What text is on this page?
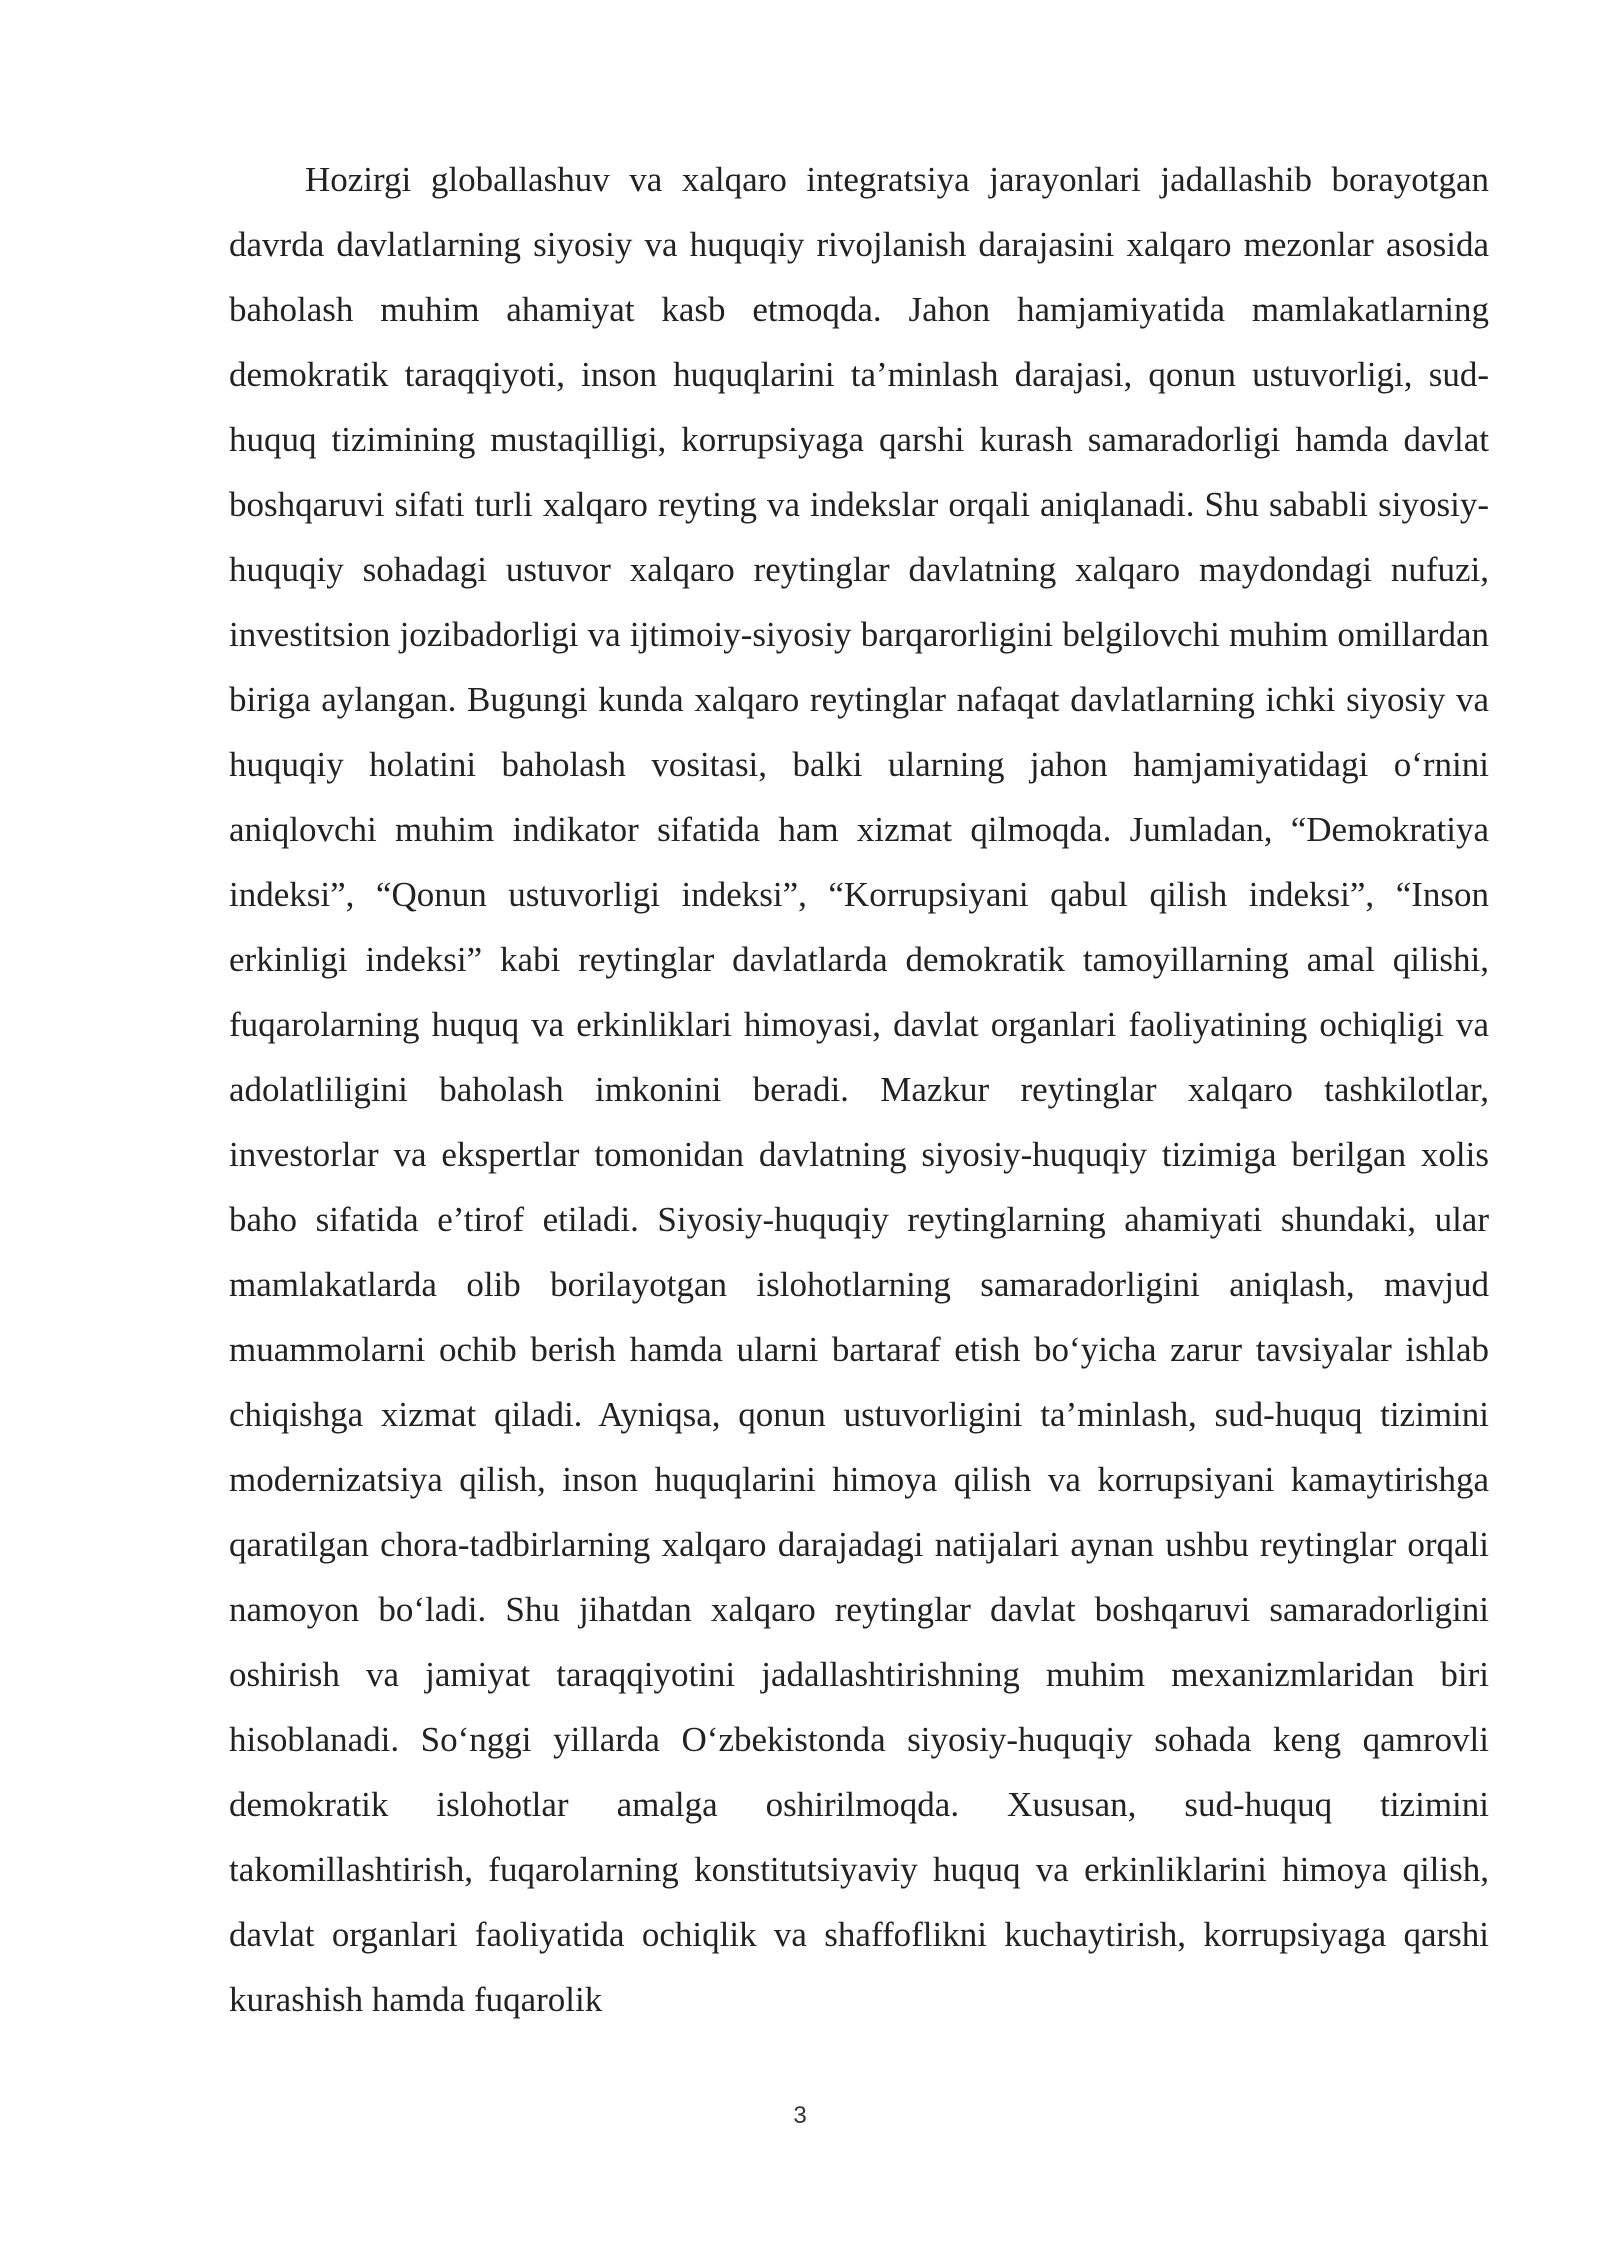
Hozirgi globallashuv va xalqaro integratsiya jarayonlari jadallashib borayotgan davrda davlatlarning siyosiy va huquqiy rivojlanish darajasini xalqaro mezonlar asosida baholash muhim ahamiyat kasb etmoqda. Jahon hamjamiyatida mamlakatlarning demokratik taraqqiyoti, inson huquqlarini ta’minlash darajasi, qonun ustuvorligi, sud-huquq tizimining mustaqilligi, korrupsiyaga qarshi kurash samaradorligi hamda davlat boshqaruvi sifati turli xalqaro reyting va indekslar orqali aniqlanadi. Shu sababli siyosiy-huquqiy sohadagi ustuvor xalqaro reytinglar davlatning xalqaro maydondagi nufuzi, investitsion jozibadorligi va ijtimoiy-siyosiy barqarorligini belgilovchi muhim omillardan biriga aylangan. Bugungi kunda xalqaro reytinglar nafaqat davlatlarning ichki siyosiy va huquqiy holatini baholash vositasi, balki ularning jahon hamjamiyatidagi o‘rnini aniqlovchi muhim indikator sifatida ham xizmat qilmoqda. Jumladan, “Demokratiya indeksi”, “Qonun ustuvorligi indeksi”, “Korrupsiyani qabul qilish indeksi”, “Inson erkinligi indeksi” kabi reytinglar davlatlarda demokratik tamoyillarning amal qilishi, fuqarolarning huquq va erkinliklari himoyasi, davlat organlari faoliyatining ochiqligi va adolatliligini baholash imkonini beradi. Mazkur reytinglar xalqaro tashkilotlar, investorlar va ekspertlar tomonidan davlatning siyosiy-huquqiy tizimiga berilgan xolis baho sifatida e’tirof etiladi. Siyosiy-huquqiy reytinglarning ahamiyati shundaki, ular mamlakatlarda olib borilayotgan islohotlarning samaradorligini aniqlash, mavjud muammolarni ochib berish hamda ularni bartaraf etish bo‘yicha zarur tavsiyalar ishlab chiqishga xizmat qiladi. Ayniqsa, qonun ustuvorligini ta’minlash, sud-huquq tizimini modernizatsiya qilish, inson huquqlarini himoya qilish va korrupsiyani kamaytirishga qaratilgan chora-tadbirlarning xalqaro darajadagi natijalari aynan ushbu reytinglar orqali namoyon bo‘ladi. Shu jihatdan xalqaro reytinglar davlat boshqaruvi samaradorligini oshirish va jamiyat taraqqiyotini jadallashtirishning muhim mexanizmlaridan biri hisoblanadi. So‘nggi yillarda O‘zbekistonda siyosiy-huquqiy sohada keng qamrovli demokratik islohotlar amalga oshirilmoqda. Xususan, sud-huquq tizimini takomillashtirish, fuqarolarning konstitutsiyaviy huquq va erkinliklarini himoya qilish, davlat organlari faoliyatida ochiqlik va shaffoflikni kuchaytirish, korrupsiyaga qarshi kurashish hamda fuqarolik

3
